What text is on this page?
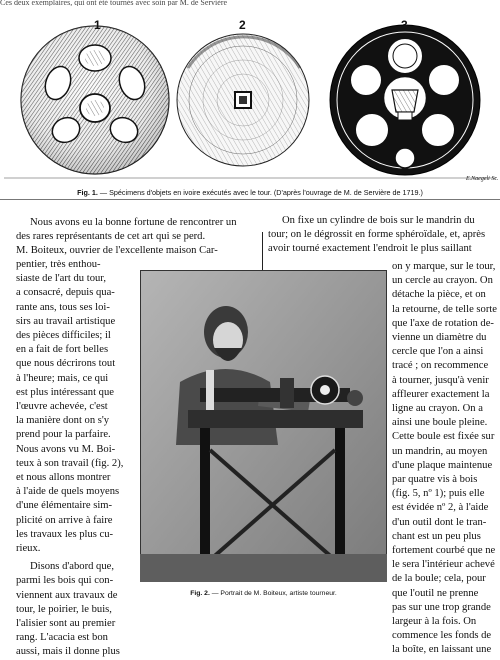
Ces deux exemplaires, qui ont été tournés avec soin par M. de Servière
1	2	3
E.Naegeli Sc.
Fig. 1. — Spécimens d'objets en ivoire exécutés avec le tour. (D'après l'ouvrage de M. de Servière de 1719.)

Nous avons eu la bonne fortune de rencontrer un

des rares représentants de cet art qui se perd.

M. Boiteux, ouvrier de l'excellente maison Car-

pentier, très enthou-
siaste de l'art du tour,
a consacré, depuis qua-
rante ans, tous ses loi-
sirs au travail artistique
des pièces difficiles; il
en a fait de fort belles
que nous décrirons tout
à l'heure; mais, ce qui
est plus intéressant que
l'œuvre achevée, c'est
la manière dont on s'y
prend pour la parfaire.
Nous avons vu M. Boi-
teux à son travail (fig. 2),
et nous allons montrer
à l'aide de quels moyens
d'une élémentaire sim-
plicité on arrive à faire
les travaux les plus cu-
rieux.
Disons d'abord que,
parmi les bois qui con-
viennent aux travaux de
tour, le poirier, le buis,
l'alisier sont au premier
rang. L'acacia est bon
aussi, mais il donne plus

On fixe un cylindre de bois sur le mandrin du

tour; on le dégrossit en forme sphéroïdale, et, après

avoir tourné exactement l'endroit le plus saillant

on y marque, sur le tour,
un cercle au crayon. On
détache la pièce, et on
la retourne, de telle sorte
que l'axe de rotation de-
vienne un diamètre du
cercle que l'on a ainsi
tracé ; on recommence
à tourner, jusqu'à venir
affleurer exactement la
ligne au crayon. On a
ainsi une boule pleine.
Cette boule est fixée sur
un mandrin, au moyen
d'une plaque maintenue
par quatre vis à bois
(fig. 5, nº 1); puis elle
est évidée nº 2, à l'aide
d'un outil dont le tran-
chant est un peu plus
fortement courbé que ne
le sera l'intérieur achevé
de la boule; cela, pour
que l'outil ne prenne
pas sur une trop grande
largeur à la fois. On
commence les fonds de
la boîte, en laissant une
Fig. 2. — Portrait de M. Boiteux, artiste tourneur.
